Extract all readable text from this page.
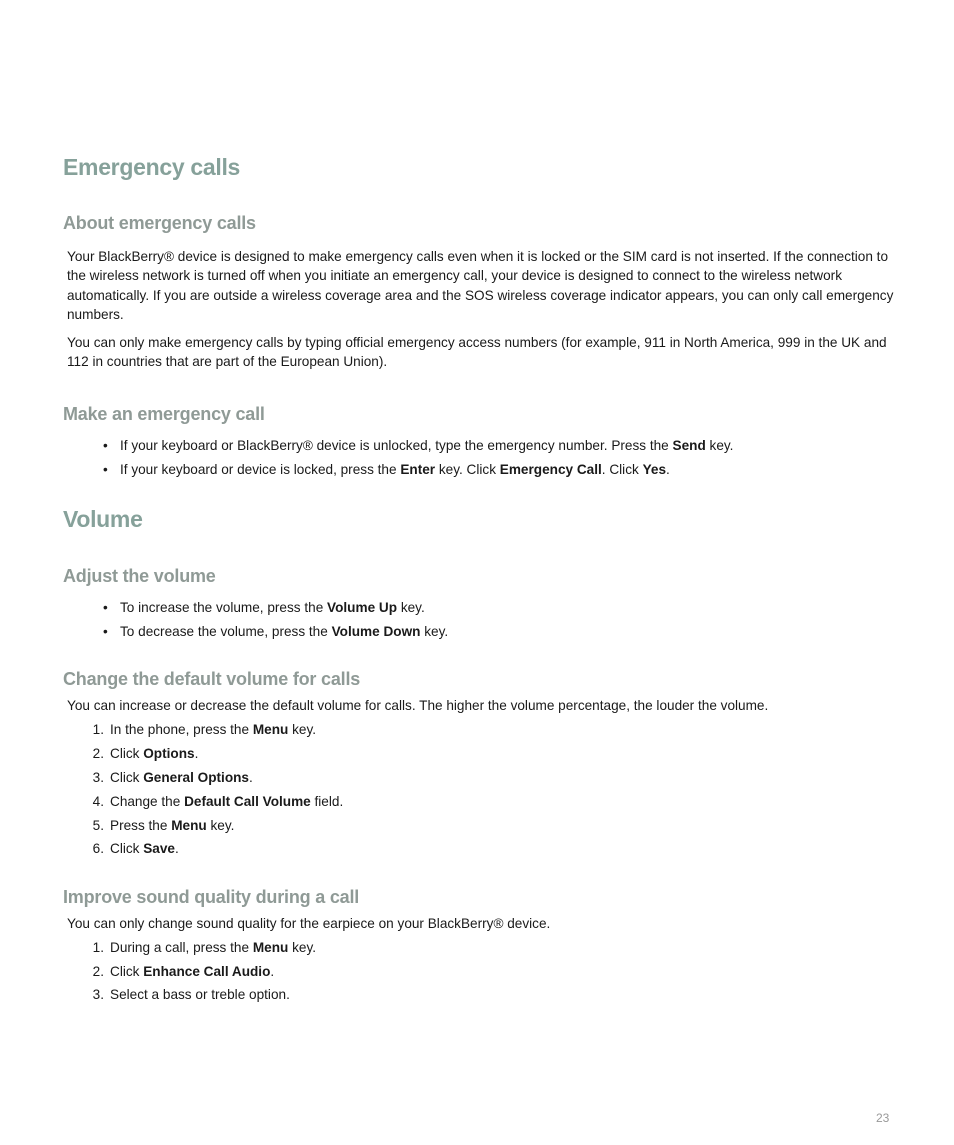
Emergency calls
About emergency calls

Your BlackBerry® device is designed to make emergency calls even when it is locked or the SIM card is not inserted. If the connection to the wireless network is turned off when you initiate an emergency call, your device is designed to connect to the wireless network automatically. If you are outside a wireless coverage area and the SOS wireless coverage indicator appears, you can only call emergency numbers.

You can only make emergency calls by typing official emergency access numbers (for example, 911 in North America, 999 in the UK and 112 in countries that are part of the European Union).

Make an emergency call
• If your keyboard or BlackBerry® device is unlocked, type the emergency number. Press the Send key.

• If your keyboard or device is locked, press the Enter key. Click Emergency Call. Click Yes.

Volume
Adjust the volume
• To increase the volume, press the Volume Up key.

• To decrease the volume, press the Volume Down key.

Change the default volume for calls

You can increase or decrease the default volume for calls. The higher the volume percentage, the louder the volume.

1. In the phone, press the Menu key.

2. Click Options.

3. Click General Options.

4. Change the Default Call Volume field.

5. Press the Menu key.

6. Click Save.

Improve sound quality during a call

You can only change sound quality for the earpiece on your BlackBerry® device.

1. During a call, press the Menu key.

2. Click Enhance Call Audio.

3. Select a bass or treble option.

23
